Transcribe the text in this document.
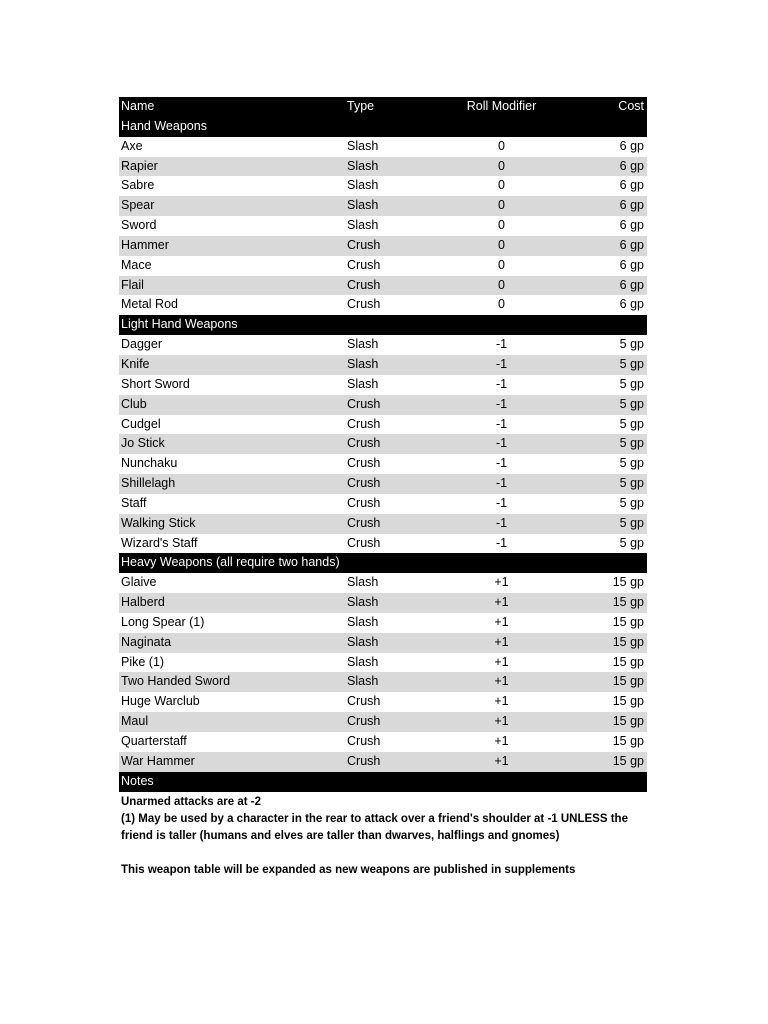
Name	Type	Roll Modifier	Cost
Hand Weapons			
Axe	Slash	0	6 gp
Rapier	Slash	0	6 gp
Sabre	Slash	0	6 gp
Spear	Slash	0	6 gp
Sword	Slash	0	6 gp
Hammer	Crush	0	6 gp
Mace	Crush	0	6 gp
Flail	Crush	0	6 gp
Metal Rod	Crush	0	6 gp
Light Hand Weapons			
Dagger	Slash	-1	5 gp
Knife	Slash	-1	5 gp
Short Sword	Slash	-1	5 gp
Club	Crush	-1	5 gp
Cudgel	Crush	-1	5 gp
Jo Stick	Crush	-1	5 gp
Nunchaku	Crush	-1	5 gp
Shillelagh	Crush	-1	5 gp
Staff	Crush	-1	5 gp
Walking Stick	Crush	-1	5 gp
Wizard's Staff	Crush	-1	5 gp
Heavy Weapons (all require two hands)			
Glaive	Slash	+1	15 gp
Halberd	Slash	+1	15 gp
Long Spear (1)	Slash	+1	15 gp
Naginata	Slash	+1	15 gp
Pike (1)	Slash	+1	15 gp
Two Handed Sword	Slash	+1	15 gp
Huge Warclub	Crush	+1	15 gp
Maul	Crush	+1	15 gp
Quarterstaff	Crush	+1	15 gp
War Hammer	Crush	+1	15 gp
Notes			

Unarmed attacks are at -2

(1) May be used by a character in the rear to attack over a friend's shoulder at -1 UNLESS the friend is taller (humans and elves are taller than dwarves, halflings and gnomes)

This weapon table will be expanded as new weapons are published in supplements
